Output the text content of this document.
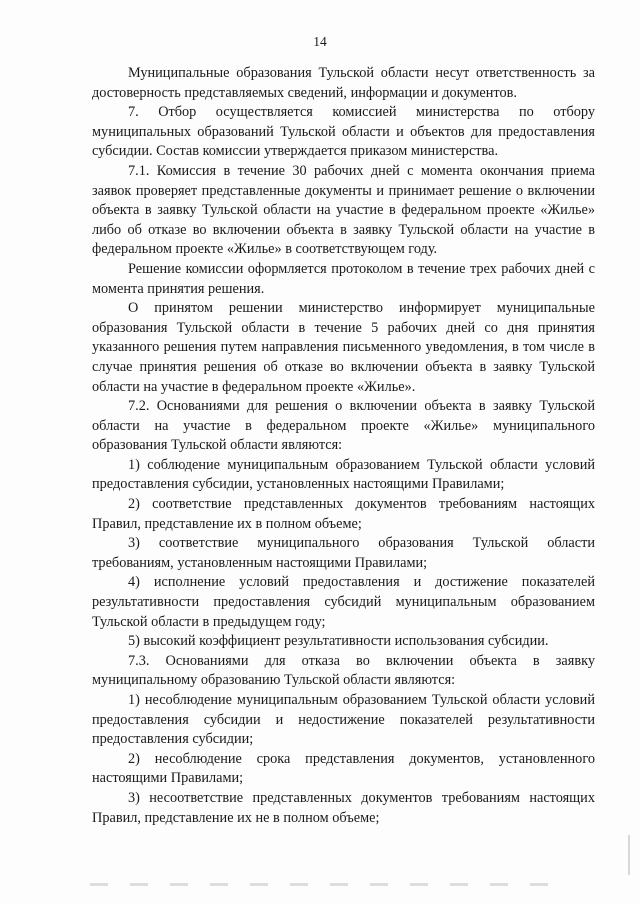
14

Муниципальные образования Тульской области несут ответственность за достоверность представляемых сведений, информации и документов.

7. Отбор осуществляется комиссией министерства по отбору муниципальных образований Тульской области и объектов для предоставления субсидии. Состав комиссии утверждается приказом министерства.

7.1. Комиссия в течение 30 рабочих дней с момента окончания приема заявок проверяет представленные документы и принимает решение о включении объекта в заявку Тульской области на участие в федеральном проекте «Жилье» либо об отказе во включении объекта в заявку Тульской области на участие в федеральном проекте «Жилье» в соответствующем году.

Решение комиссии оформляется протоколом в течение трех рабочих дней с момента принятия решения.

О принятом решении министерство информирует муниципальные образования Тульской области в течение 5 рабочих дней со дня принятия указанного решения путем направления письменного уведомления, в том числе в случае принятия решения об отказе во включении объекта в заявку Тульской области на участие в федеральном проекте «Жилье».

7.2. Основаниями для решения о включении объекта в заявку Тульской области на участие в федеральном проекте «Жилье» муниципального образования Тульской области являются:

1) соблюдение муниципальным образованием Тульской области условий предоставления субсидии, установленных настоящими Правилами;

2) соответствие представленных документов требованиям настоящих Правил, представление их в полном объеме;

3) соответствие муниципального образования Тульской области требованиям, установленным настоящими Правилами;

4) исполнение условий предоставления и достижение показателей результативности предоставления субсидий муниципальным образованием Тульской области в предыдущем году;

5) высокий коэффициент результативности использования субсидии.

7.3. Основаниями для отказа во включении объекта в заявку муниципальному образованию Тульской области являются:

1) несоблюдение муниципальным образованием Тульской области условий предоставления субсидии и недостижение показателей результативности предоставления субсидии;

2) несоблюдение срока представления документов, установленного настоящими Правилами;

3) несоответствие представленных документов требованиям настоящих Правил, представление их не в полном объеме;
